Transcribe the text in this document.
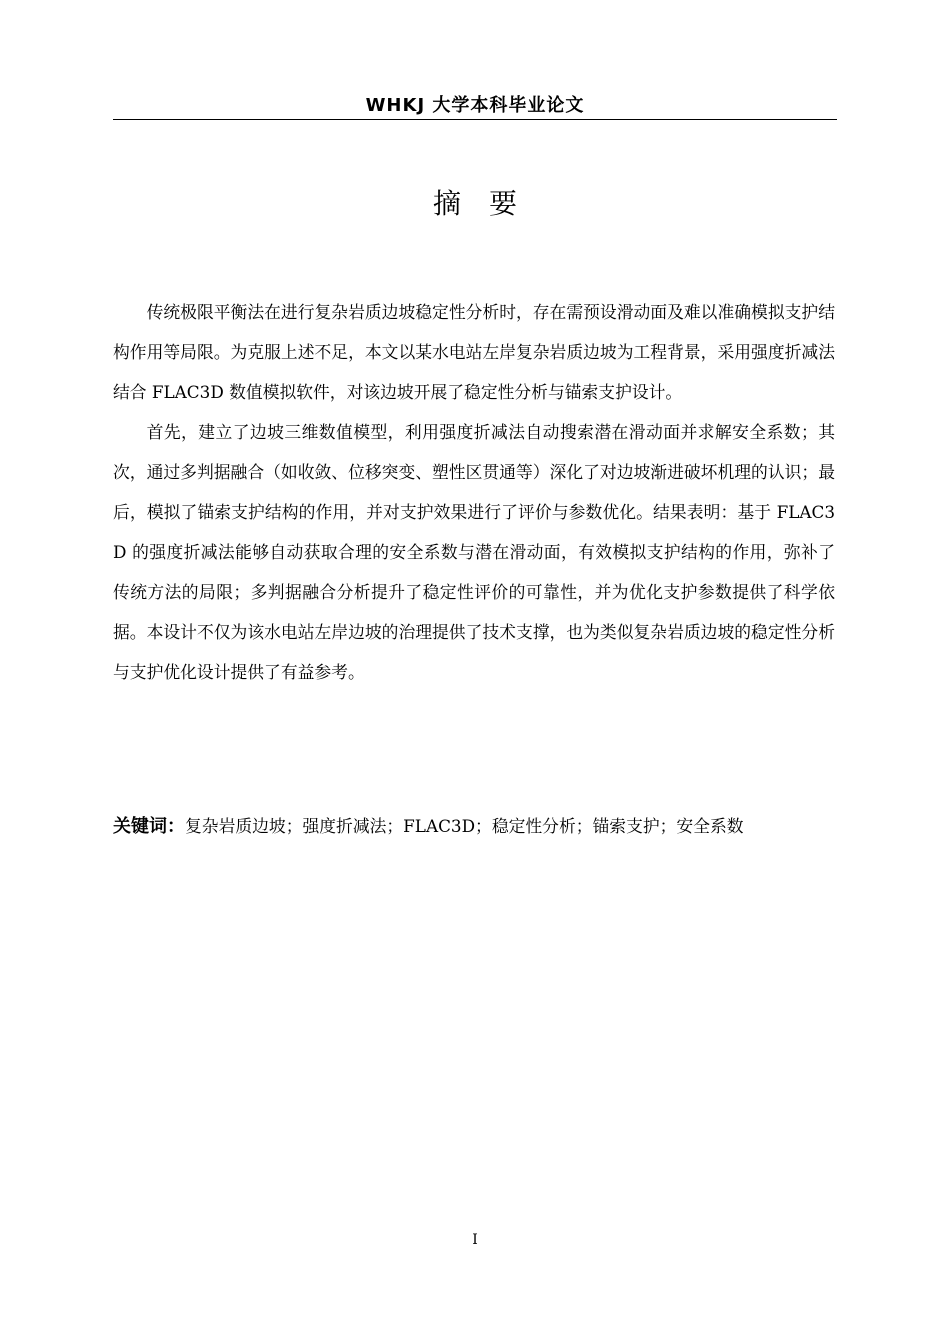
WHKJ 大学本科毕业论文
摘要

传统极限平衡法在进行复杂岩质边坡稳定性分析时，存在需预设滑动面及难以准确模拟支护结构作用等局限。为克服上述不足，本文以某水电站左岸复杂岩质边坡为工程背景，采用强度折减法结合 FLAC3D 数值模拟软件，对该边坡开展了稳定性分析与锚索支护设计。

首先，建立了边坡三维数值模型，利用强度折减法自动搜索潜在滑动面并求解安全系数；其次，通过多判据融合（如收敛、位移突变、塑性区贯通等）深化了对边坡渐进破坏机理的认识；最后，模拟了锚索支护结构的作用，并对支护效果进行了评价与参数优化。结果表明：基于 FLAC3D 的强度折减法能够自动获取合理的安全系数与潜在滑动面，有效模拟支护结构的作用，弥补了传统方法的局限；多判据融合分析提升了稳定性评价的可靠性，并为优化支护参数提供了科学依据。本设计不仅为该水电站左岸边坡的治理提供了技术支撑，也为类似复杂岩质边坡的稳定性分析与支护优化设计提供了有益参考。

关键词：复杂岩质边坡；强度折减法；FLAC3D；稳定性分析；锚索支护；安全系数
I
